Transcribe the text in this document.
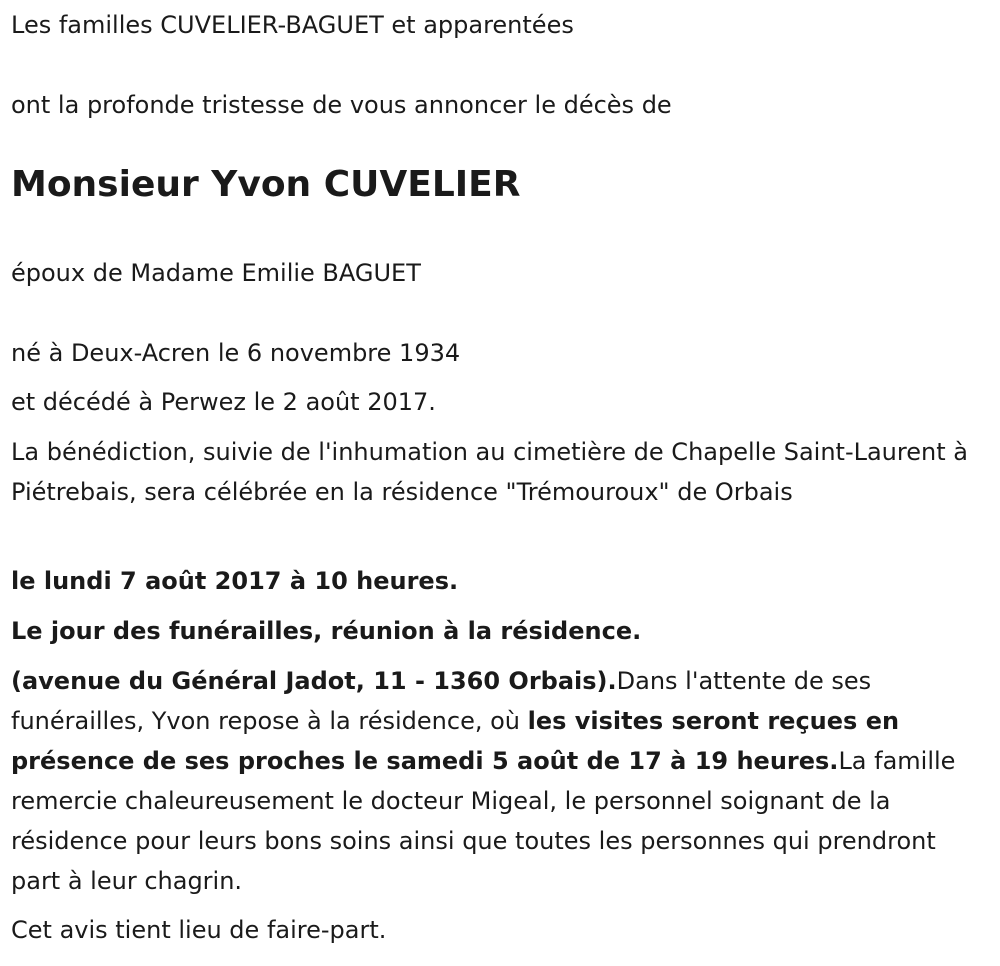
Les familles CUVELIER-BAGUET et apparentées

ont la profonde tristesse de vous annoncer le décès de

Monsieur Yvon CUVELIER

époux de Madame Emilie BAGUET

né à Deux-Acren le 6 novembre 1934

et décédé à Perwez le 2 août 2017.

La bénédiction, suivie de l'inhumation au cimetière de Chapelle Saint-Laurent à Piétrebais, sera célébrée en la résidence "Trémouroux" de Orbais

le lundi 7 août 2017 à 10 heures.

Le jour des funérailles, réunion à la résidence.

(avenue du Général Jadot, 11 - 1360 Orbais).Dans l'attente de ses funérailles, Yvon repose à la résidence, où les visites seront reçues en présence de ses proches le samedi 5 août de 17 à 19 heures.La famille remercie chaleureusement le docteur Migeal, le personnel soignant de la résidence pour leurs bons soins ainsi que toutes les personnes qui prendront part à leur chagrin.

Cet avis tient lieu de faire-part.
